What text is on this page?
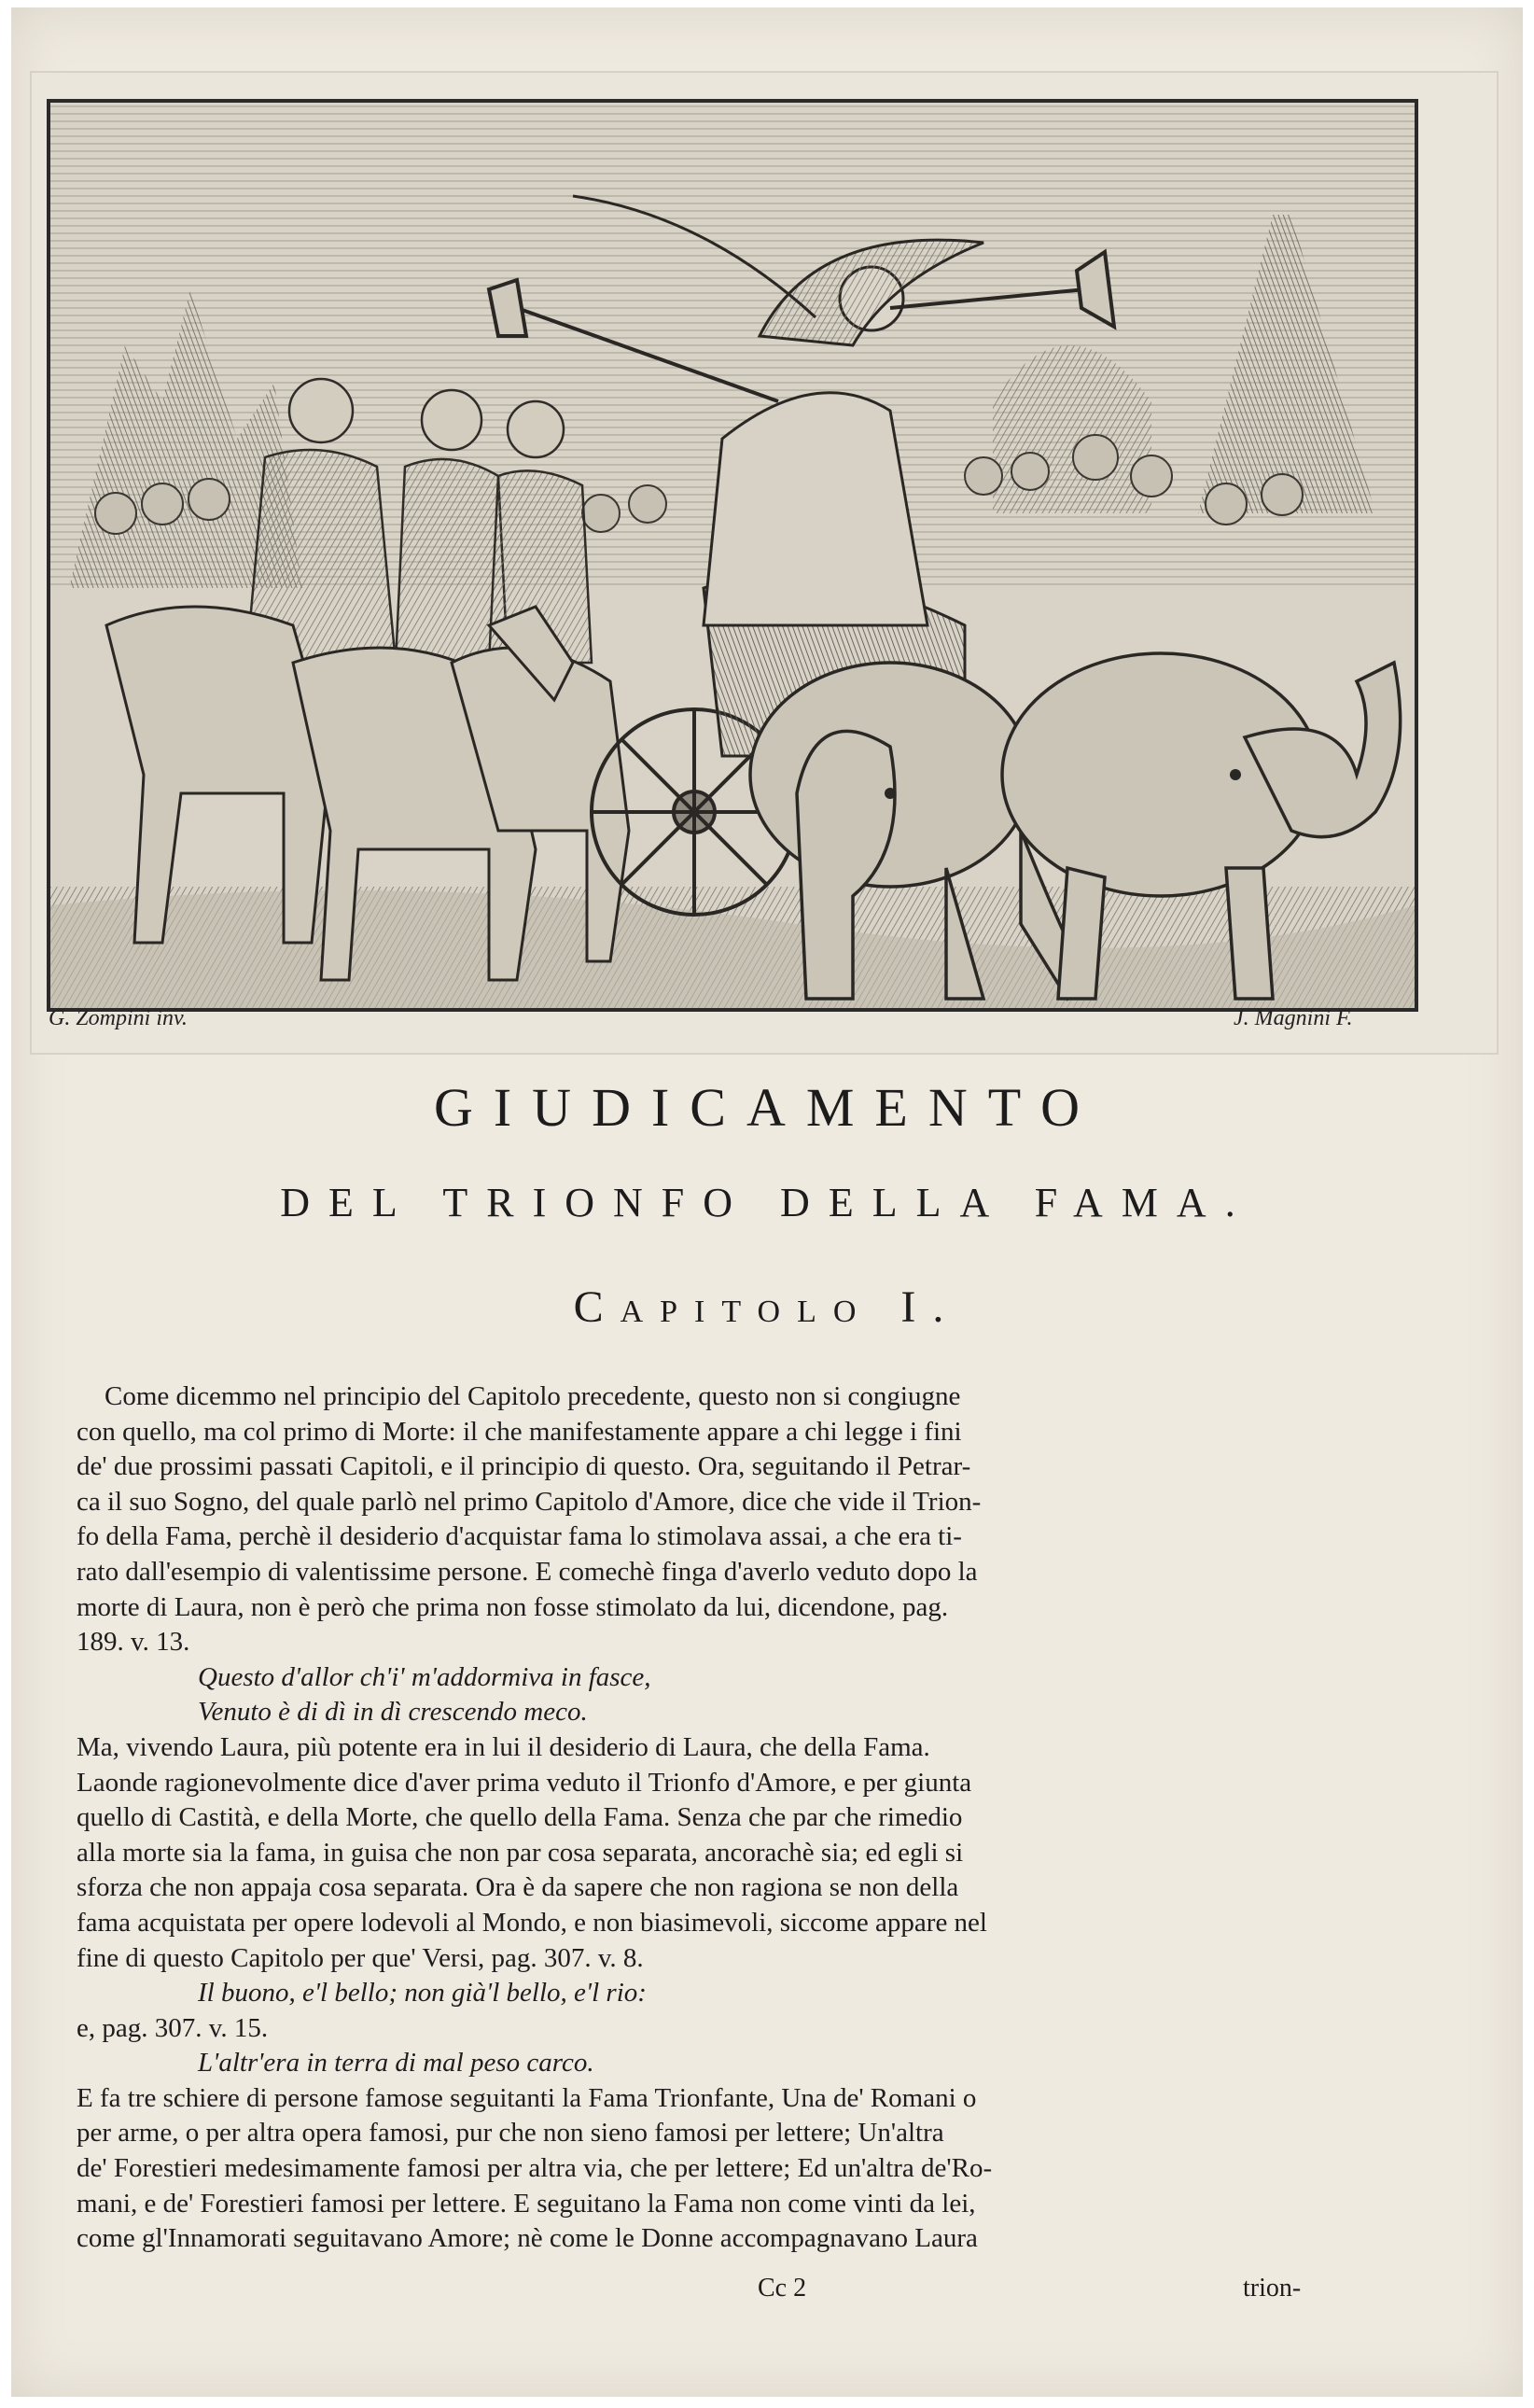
G. Zompini inv.	J. Magnini F.
GIUDICAMENTO
DEL TRIONFO DELLA FAMA.
Capitolo I.
Come dicemmo nel principio del Capitolo precedente, questo non si congiugne
con quello, ma col primo di Morte: il che manifestamente appare a chi legge i fini
de' due prossimi passati Capitoli, e il principio di questo. Ora, seguitando il Petrar-
ca il suo Sogno, del quale parlò nel primo Capitolo d'Amore, dice che vide il Trion-
fo della Fama, perchè il desiderio d'acquistar fama lo stimolava assai, a che era ti-
rato dall'esempio di valentissime persone. E comechè finga d'averlo veduto dopo la
morte di Laura, non è però che prima non fosse stimolato da lui, dicendone, pag.
189. v. 13.
Questo d'allor ch'i' m'addormiva in fasce,
Venuto è di dì in dì crescendo meco.
Ma, vivendo Laura, più potente era in lui il desiderio di Laura, che della Fama.
Laonde ragionevolmente dice d'aver prima veduto il Trionfo d'Amore, e per giunta
quello di Castità, e della Morte, che quello della Fama. Senza che par che rimedio
alla morte sia la fama, in guisa che non par cosa separata, ancorachè sia; ed egli si
sforza che non appaja cosa separata. Ora è da sapere che non ragiona se non della
fama acquistata per opere lodevoli al Mondo, e non biasimevoli, siccome appare nel
fine di questo Capitolo per que' Versi, pag. 307. v. 8.
Il buono, e'l bello; non già'l bello, e'l rio:
e, pag. 307. v. 15.
L'altr'era in terra di mal peso carco.
E fa tre schiere di persone famose seguitanti la Fama Trionfante, Una de' Romani o
per arme, o per altra opera famosi, pur che non sieno famosi per lettere; Un'altra
de' Forestieri medesimamente famosi per altra via, che per lettere; Ed un'altra de'Ro-
mani, e de' Forestieri famosi per lettere. E seguitano la Fama non come vinti da lei,
come gl'Innamorati seguitavano Amore; nè come le Donne accompagnavano Laura
Cc 2	trion-
